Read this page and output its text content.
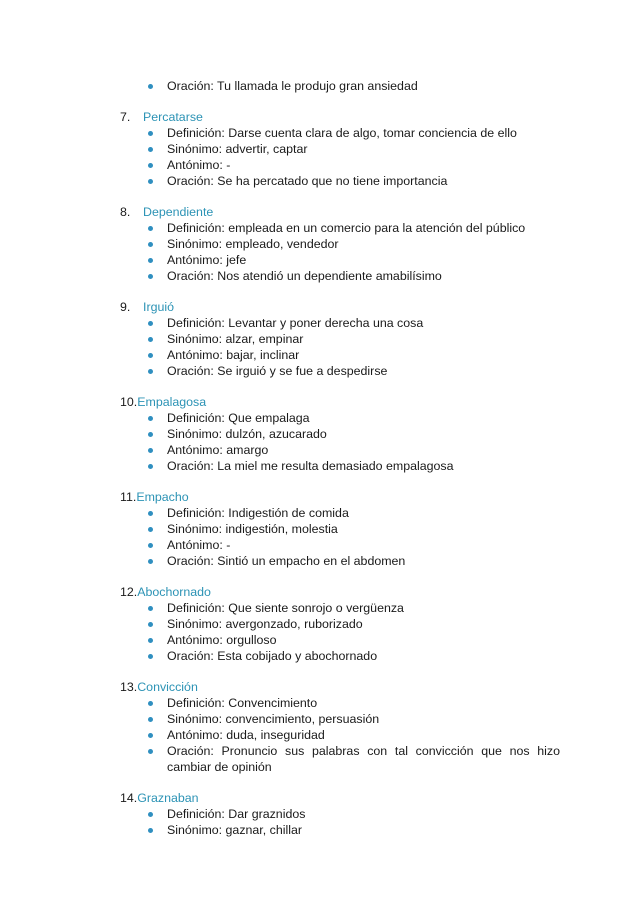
Oración: Tu llamada le produjo gran ansiedad
7. Percatarse
Definición: Darse cuenta clara de algo, tomar conciencia de ello
Sinónimo: advertir, captar
Antónimo: -
Oración: Se ha percatado que no tiene importancia
8. Dependiente
Definición: empleada en un comercio para la atención del público
Sinónimo: empleado, vendedor
Antónimo: jefe
Oración: Nos atendió un dependiente amabilísimo
9. Irguió
Definición: Levantar y poner derecha una cosa
Sinónimo: alzar, empinar
Antónimo: bajar, inclinar
Oración: Se irguió y se fue a despedirse
10.Empalagosa
Definición: Que empalaga
Sinónimo: dulzón, azucarado
Antónimo: amargo
Oración: La miel me resulta demasiado empalagosa
11.Empacho
Definición: Indigestión de comida
Sinónimo: indigestión, molestia
Antónimo: -
Oración: Sintió un empacho en el abdomen
12.Abochornado
Definición: Que siente sonrojo o vergüenza
Sinónimo: avergonzado, ruborizado
Antónimo: orgulloso
Oración: Esta cobijado y abochornado
13.Convicción
Definición: Convencimiento
Sinónimo: convencimiento, persuasión
Antónimo: duda, inseguridad
Oración: Pronuncio sus palabras con tal convicción que nos hizo cambiar de opinión
14.Graznaban
Definición: Dar graznidos
Sinónimo: gaznar, chillar
